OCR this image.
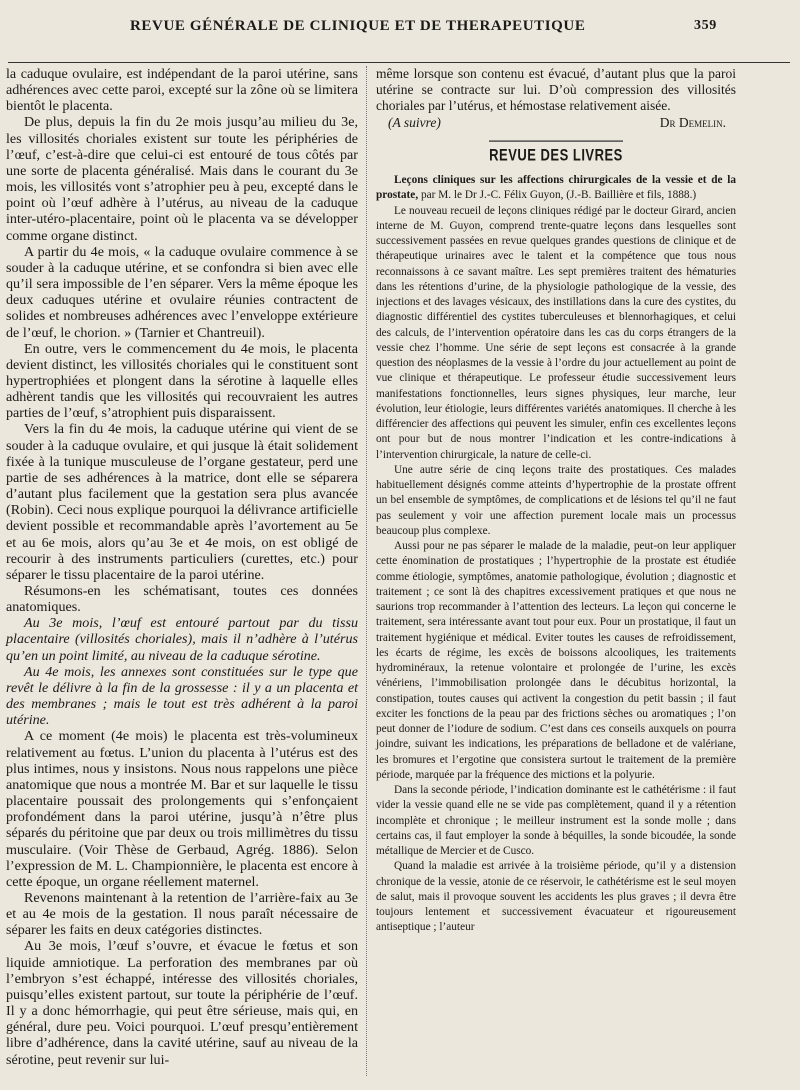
REVUE GÉNÉRALE DE CLINIQUE ET DE THERAPEUTIQUE	359

la caduque ovulaire, est indépendant de la paroi utérine, sans adhérences avec cette paroi, excepté sur la zône où se limitera bientôt le placenta.

De plus, depuis la fin du 2e mois jusqu’au milieu du 3e, les villosités choriales existent sur toute les périphéries de l’œuf, c’est-à-dire que celui-ci est entouré de tous côtés par une sorte de placenta généralisé. Mais dans le courant du 3e mois, les villosités vont s’atrophier peu à peu, excepté dans le point où l’œuf adhère à l’utérus, au niveau de la caduque inter-utéro-placentaire, point où le placenta va se développer comme organe distinct.

A partir du 4e mois, « la caduque ovulaire commence à se souder à la caduque utérine, et se confondra si bien avec elle qu’il sera impossible de l’en séparer. Vers la même époque les deux caduques utérine et ovulaire réunies contractent de solides et nombreuses adhérences avec l’enveloppe extérieure de l’œuf, le chorion. » (Tarnier et Chantreuil).

En outre, vers le commencement du 4e mois, le placenta devient distinct, les villosités choriales qui le constituent sont hypertrophiées et plongent dans la sérotine à laquelle elles adhèrent tandis que les villosités qui recouvraient les autres parties de l’œuf, s’atrophient puis disparaissent.

Vers la fin du 4e mois, la caduque utérine qui vient de se souder à la caduque ovulaire, et qui jusque là était solidement fixée à la tunique musculeuse de l’organe gestateur, perd une partie de ses adhérences à la matrice, dont elle se séparera d’autant plus facilement que la gestation sera plus avancée (Robin). Ceci nous explique pourquoi la délivrance artificielle devient possible et recommandable après l’avortement au 5e et au 6e mois, alors qu’au 3e et 4e mois, on est obligé de recourir à des instruments particuliers (curettes, etc.) pour séparer le tissu placentaire de la paroi utérine.

Résumons-en les schématisant, toutes ces données anatomiques.

Au 3e mois, l’œuf est entouré partout par du tissu placentaire (villosités choriales), mais il n’adhère à l’utérus qu’en un point limité, au niveau de la caduque sérotine.

Au 4e mois, les annexes sont constituées sur le type que revêt le délivre à la fin de la grossesse : il y a un placenta et des membranes ; mais le tout est très adhérent à la paroi utérine.

A ce moment (4e mois) le placenta est très-volumineux relativement au fœtus. L’union du placenta à l’utérus est des plus intimes, nous y insistons. Nous nous rappelons une pièce anatomique que nous a montrée M. Bar et sur laquelle le tissu placentaire poussait des prolongements qui s’enfonçaient profondément dans la paroi utérine, jusqu’à n’être plus séparés du péritoine que par deux ou trois millimètres du tissu musculaire. (Voir Thèse de Gerbaud, Agrég. 1886). Selon l’expression de M. L. Championnière, le placenta est encore à cette époque, un organe réellement maternel.

Revenons maintenant à la retention de l’arrière-faix au 3e et au 4e mois de la gestation. Il nous paraît nécessaire de séparer les faits en deux catégories distinctes.

Au 3e mois, l’œuf s’ouvre, et évacue le fœtus et son liquide amniotique. La perforation des membranes par où l’embryon s’est échappé, intéresse des villosités choriales, puisqu’elles existent partout, sur toute la périphérie de l’œuf. Il y a donc hémorrhagie, qui peut être sérieuse, mais qui, en général, dure peu. Voici pourquoi. L’œuf presqu’entièrement libre d’adhérence, dans la cavité utérine, sauf au niveau de la sérotine, peut revenir sur lui-

même lorsque son contenu est évacué, d’autant plus que la paroi utérine se contracte sur lui. D’où compression des villosités choriales par l’utérus, et hémostase relativement aisée.

(A suivre)	Dr Demelin.

REVUE DES LIVRES

Leçons cliniques sur les affections chirurgicales de la vessie et de la prostate, par M. le Dr J.-C. Félix Guyon, (J.-B. Baillière et fils, 1888.)

Le nouveau recueil de leçons cliniques rédigé par le docteur Girard, ancien interne de M. Guyon, comprend trente-quatre leçons dans lesquelles sont successivement passées en revue quelques grandes questions de clinique et de thérapeutique urinaires avec le talent et la compétence que tous nous reconnaissons à ce savant maître. Les sept premières traitent des hématuries dans les rétentions d’urine, de la physiologie pathologique de la vessie, des injections et des lavages vésicaux, des instillations dans la cure des cystites, du diagnostic différentiel des cystites tuberculeuses et blennorhagiques, et celui des calculs, de l’intervention opératoire dans les cas du corps étrangers de la vessie chez l’homme. Une série de sept leçons est consacrée à la grande question des néoplasmes de la vessie à l’ordre du jour actuellement au point de vue clinique et thérapeutique. Le professeur étudie successivement leurs manifestations fonctionnelles, leurs signes physiques, leur marche, leur évolution, leur étiologie, leurs différentes variétés anatomiques. Il cherche à les différencier des affections qui peuvent les simuler, enfin ces excellentes leçons ont pour but de nous montrer l’indication et les contre-indications à l’intervention chirurgicale, la nature de celle-ci.

Une autre série de cinq leçons traite des prostatiques. Ces malades habituellement désignés comme atteints d’hypertrophie de la prostate offrent un bel ensemble de symptômes, de complications et de lésions tel qu’il ne faut pas seulement y voir une affection purement locale mais un processus beaucoup plus complexe.

Aussi pour ne pas séparer le malade de la maladie, peut-on leur appliquer cette énomination de prostatiques ; l’hypertrophie de la prostate est étudiée comme étiologie, symptômes, anatomie pathologique, évolution ; diagnostic et traitement ; ce sont là des chapitres excessivement pratiques et que nous ne saurions trop recommander à l’attention des lecteurs. La leçon qui concerne le traitement, sera intéressante avant tout pour eux. Pour un prostatique, il faut un traitement hygiénique et médical. Eviter toutes les causes de refroidissement, les écarts de régime, les excès de boissons alcooliques, les traitements hydrominéraux, la retenue volontaire et prolongée de l’urine, les excès vénériens, l’immobilisation prolongée dans le décubitus horizontal, la constipation, toutes causes qui activent la congestion du petit bassin ; il faut exciter les fonctions de la peau par des frictions sèches ou aromatiques ; l’on peut donner de l’iodure de sodium. C’est dans ces conseils auxquels on pourra joindre, suivant les indications, les préparations de belladone et de valériane, les bromures et l’ergotine que consistera surtout le traitement de la première période, marquée par la fréquence des mictions et la polyurie.

Dans la seconde période, l’indication dominante est le cathétérisme : il faut vider la vessie quand elle ne se vide pas complètement, quand il y a rétention incomplète et chronique ; le meilleur instrument est la sonde molle ; dans certains cas, il faut employer la sonde à béquilles, la sonde bicoudée, la sonde métallique de Mercier et de Cusco.

Quand la maladie est arrivée à la troisième période, qu’il y a distension chronique de la vessie, atonie de ce réservoir, le cathétérisme est le seul moyen de salut, mais il provoque souvent les accidents les plus graves ; il devra être toujours lentement et successivement évacuateur et rigoureusement antiseptique ; l’auteur
